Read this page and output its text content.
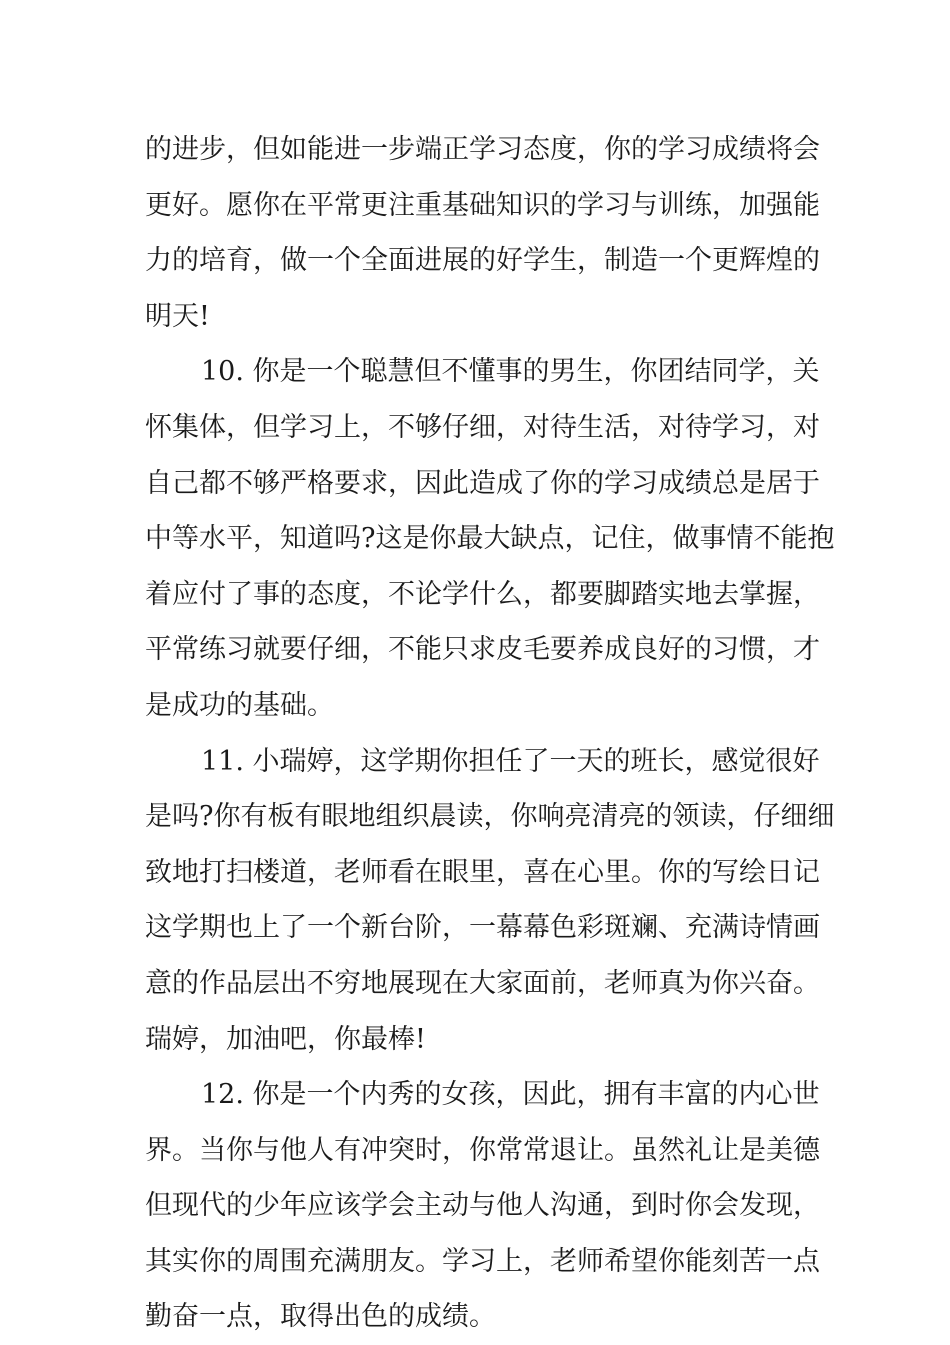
的进步，但如能进一步端正学习态度，你的学习成绩将会
更好。愿你在平常更注重基础知识的学习与训练，加强能
力的培育，做一个全面进展的好学生，制造一个更辉煌的
明天!
10. 你是一个聪慧但不懂事的男生，你团结同学，关
怀集体，但学习上，不够仔细，对待生活，对待学习，对
自己都不够严格要求，因此造成了你的学习成绩总是居于
中等水平，知道吗?这是你最大缺点，记住，做事情不能抱
着应付了事的态度，不论学什么，都要脚踏实地去掌握，
平常练习就要仔细，不能只求皮毛要养成良好的习惯，才
是成功的基础。
11. 小瑞婷，这学期你担任了一天的班长，感觉很好
是吗?你有板有眼地组织晨读，你响亮清亮的领读，仔细细
致地打扫楼道，老师看在眼里，喜在心里。你的写绘日记
这学期也上了一个新台阶，一幕幕色彩斑斓、充满诗情画
意的作品层出不穷地展现在大家面前，老师真为你兴奋。
瑞婷，加油吧，你最棒!
12. 你是一个内秀的女孩，因此，拥有丰富的内心世
界。当你与他人有冲突时，你常常退让。虽然礼让是美德
但现代的少年应该学会主动与他人沟通，到时你会发现，
其实你的周围充满朋友。学习上，老师希望你能刻苦一点
勤奋一点，取得出色的成绩。
